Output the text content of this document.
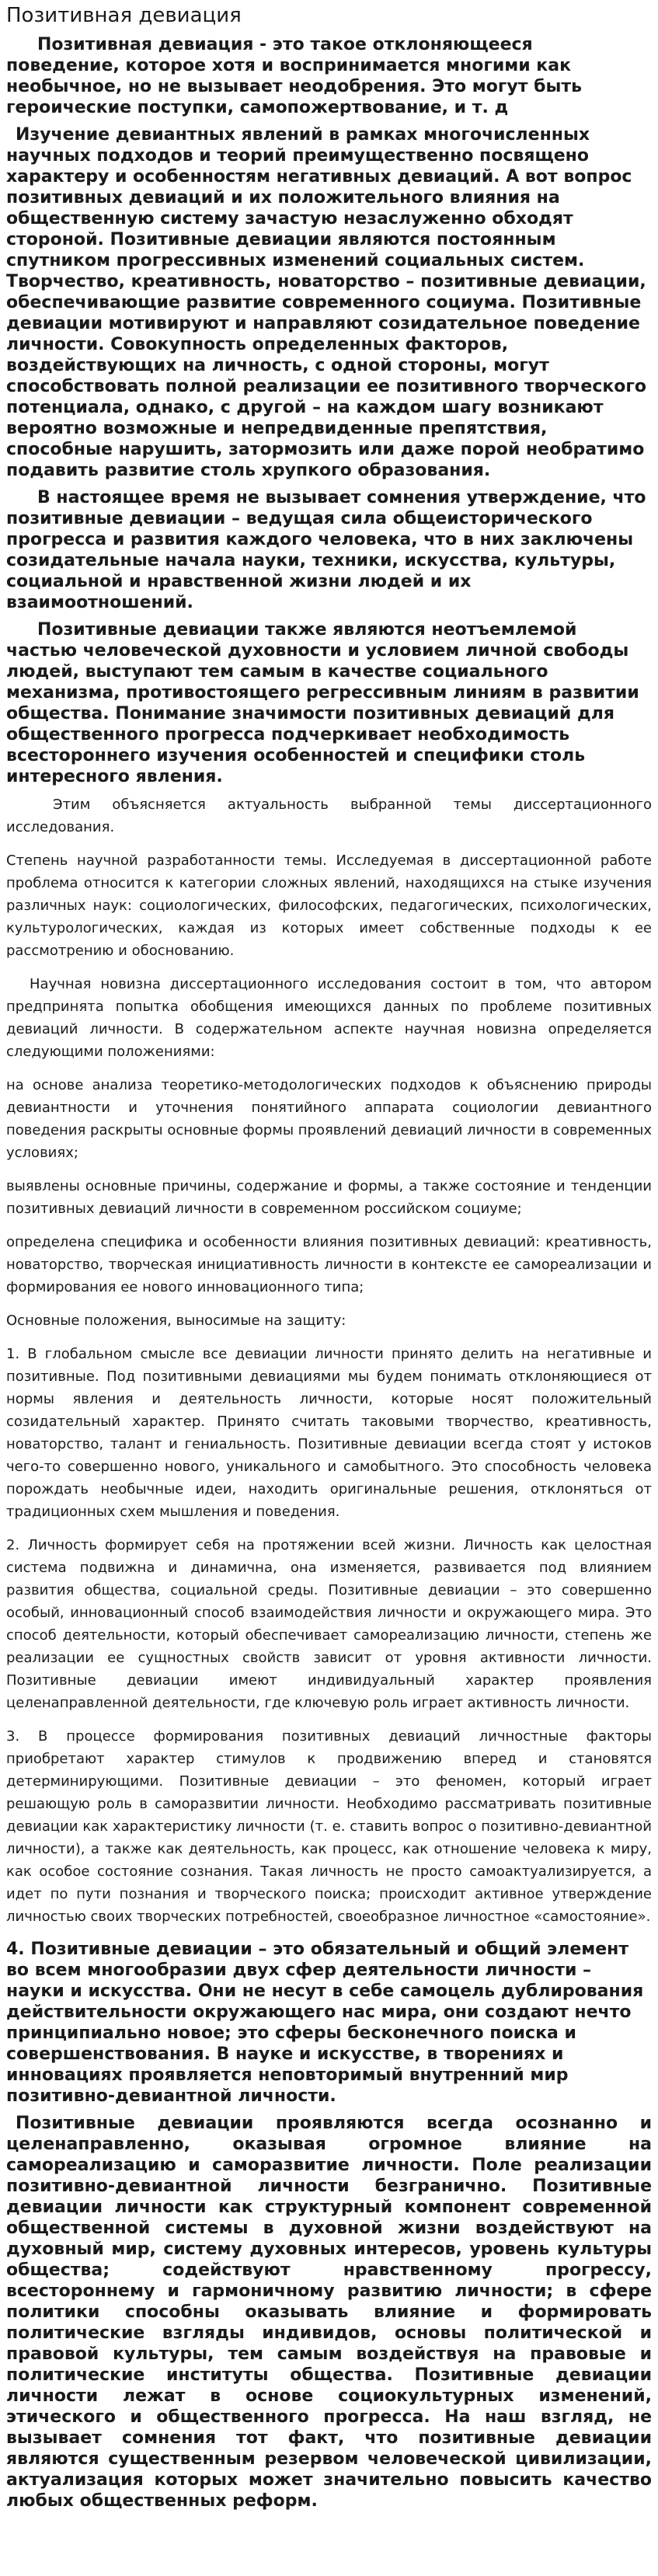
Позитивная девиация

Позитивная девиация - это такое отклоняющееся поведение, которое хотя и воспринимается многими как необычное, но не вызывает неодобрения. Это могут быть героические поступки, самопожертвование, и т. д

Изучение девиантных явлений в рамках многочисленных научных подходов и теорий преимущественно посвящено характеру и особенностям негативных девиаций. А вот вопрос позитивных девиаций и их положительного влияния на общественную систему зачастую незаслуженно обходят стороной. Позитивные девиации являются постоянным спутником прогрессивных изменений социальных систем. Творчество, креативность, новаторство – позитивные девиации, обеспечивающие развитие современного социума. Позитивные девиации мотивируют и направляют созидательное поведение личности. Совокупность определенных факторов, воздействующих на личность, с одной стороны, могут способствовать полной реализации ее позитивного творческого потенциала, однако, с другой – на каждом шагу возникают вероятно возможные и непредвиденные препятствия, способные нарушить, затормозить или даже порой необратимо подавить развитие столь хрупкого образования.

В настоящее время не вызывает сомнения утверждение, что позитивные девиации – ведущая сила общеисторического прогресса и развития каждого человека, что в них заключены созидательные начала науки, техники, искусства, культуры, социальной и нравственной жизни людей и их взаимоотношений.

Позитивные девиации также являются неотъемлемой частью человеческой духовности и условием личной свободы людей, выступают тем самым в качестве социального механизма, противостоящего регрессивным линиям в развитии общества. Понимание значимости позитивных девиаций для общественного прогресса подчеркивает необходимость всестороннего изучения особенностей и специфики столь интересного явления.

Этим объясняется актуальность выбранной темы диссертационного исследования.

Степень научной разработанности темы. Исследуемая в диссертационной работе проблема относится к категории сложных явлений, находящихся на стыке изучения различных наук: социологических, философских, педагогических, психологических, культурологических, каждая из которых имеет собственные подходы к ее рассмотрению и обоснованию.

Научная новизна диссертационного исследования состоит в том, что автором предпринята попытка обобщения имеющихся данных по проблеме позитивных девиаций личности. В содержательном аспекте научная новизна определяется следующими положениями:

на основе анализа теоретико-методологических подходов к объяснению природы девиантности и уточнения понятийного аппарата социологии девиантного поведения раскрыты основные формы проявлений девиаций личности в современных условиях;

выявлены основные причины, содержание и формы, а также состояние и тенденции позитивных девиаций личности в современном российском социуме;

определена специфика и особенности влияния позитивных девиаций: креативность, новаторство, творческая инициативность личности в контексте ее самореализации и формирования ее нового инновационного типа;

Основные положения, выносимые на защиту:

1. В глобальном смысле все девиации личности принято делить на негативные и позитивные. Под позитивными девиациями мы будем понимать отклоняющиеся от нормы явления и деятельность личности, которые носят положительный созидательный характер. Принято считать таковыми творчество, креативность, новаторство, талант и гениальность. Позитивные девиации всегда стоят у истоков чего-то совершенно нового, уникального и самобытного. Это способность человека порождать необычные идеи, находить оригинальные решения, отклоняться от традиционных схем мышления и поведения.

2. Личность формирует себя на протяжении всей жизни. Личность как целостная система подвижна и динамична, она изменяется, развивается под влиянием развития общества, социальной среды. Позитивные девиации – это совершенно особый, инновационный способ взаимодействия личности и окружающего мира. Это способ деятельности, который обеспечивает самореализацию личности, степень же реализации ее сущностных свойств зависит от уровня активности личности. Позитивные девиации имеют индивидуальный характер проявления целенаправленной деятельности, где ключевую роль играет активность личности.

3. В процессе формирования позитивных девиаций личностные факторы приобретают характер стимулов к продвижению вперед и становятся детерминирующими. Позитивные девиации – это феномен, который играет решающую роль в саморазвитии личности. Необходимо рассматривать позитивные девиации как характеристику личности (т. е. ставить вопрос о позитивно-девиантной личности), а также как деятельность, как процесс, как отношение человека к миру, как особое состояние сознания. Такая личность не просто самоактуализируется, а идет по пути познания и творческого поиска; происходит активное утверждение личностью своих творческих потребностей, своеобразное личностное «самостояние».

4. Позитивные девиации – это обязательный и общий элемент во всем многообразии двух сфер деятельности личности – науки и искусства. Они не несут в себе самоцель дублирования действительности окружающего нас мира, они создают нечто принципиально новое; это сферы бесконечного поиска и совершенствования. В науке и искусстве, в творениях и инновациях проявляется неповторимый внутренний мир позитивно-девиантной личности.

Позитивные девиации проявляются всегда осознанно и целенаправленно, оказывая огромное влияние на самореализацию и саморазвитие личности. Поле реализации позитивно-девиантной личности безгранично. Позитивные девиации личности как структурный компонент современной общественной системы в духовной жизни воздействуют на духовный мир, систему духовных интересов, уровень культуры общества; содействуют нравственному прогрессу, всестороннему и гармоничному развитию личности; в сфере политики способны оказывать влияние и формировать политические взгляды индивидов, основы политической и правовой культуры, тем самым воздействуя на правовые и политические институты общества. Позитивные девиации личности лежат в основе социокультурных изменений, этического и общественного прогресса. На наш взгляд, не вызывает сомнения тот факт, что позитивные девиации являются существенным резервом человеческой цивилизации, актуализация которых может значительно повысить качество любых общественных реформ.
